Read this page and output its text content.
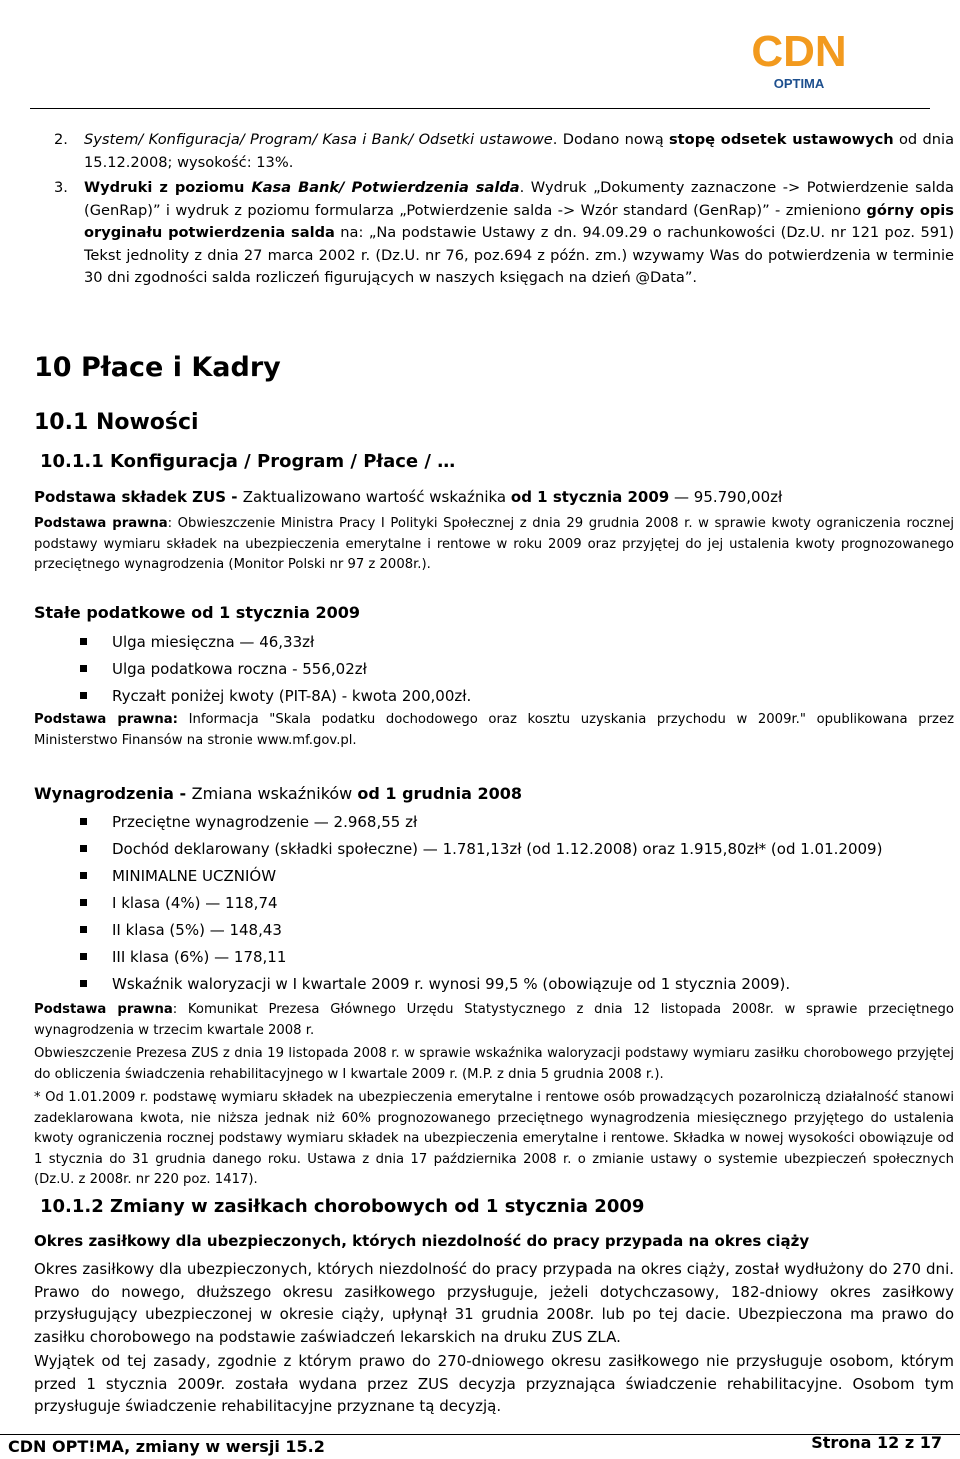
CDN
OPTIMA
2. System/ Konfiguracja/ Program/ Kasa i Bank/ Odsetki ustawowe. Dodano nową stopę odsetek ustawowych od dnia 15.12.2008; wysokość: 13%.
3. Wydruki z poziomu Kasa Bank/ Potwierdzenia salda. Wydruk „Dokumenty zaznaczone -> Potwierdzenie salda (GenRap)” i wydruk z poziomu formularza „Potwierdzenie salda -> Wzór standard (GenRap)” - zmieniono górny opis oryginału potwierdzenia salda na: „Na podstawie Ustawy z dn. 94.09.29 o rachunkowości (Dz.U. nr 121 poz. 591) Tekst jednolity z dnia 27 marca 2002 r. (Dz.U. nr 76, poz.694 z późn. zm.) wzywamy Was do potwierdzenia w terminie 30 dni zgodności salda rozliczeń figurujących w naszych księgach na dzień @Data”.
10 Płace i Kadry
10.1 Nowości
10.1.1 Konfiguracja / Program / Płace / …
Podstawa składek ZUS - Zaktualizowano wartość wskaźnika od 1 stycznia 2009 — 95.790,00zł
Podstawa prawna: Obwieszczenie Ministra Pracy I Polityki Społecznej z dnia 29 grudnia 2008 r. w sprawie kwoty ograniczenia rocznej podstawy wymiaru składek na ubezpieczenia emerytalne i rentowe w roku 2009 oraz przyjętej do jej ustalenia kwoty prognozowanego przeciętnego wynagrodzenia (Monitor Polski nr 97 z 2008r.).
Stałe podatkowe od 1 stycznia 2009
Ulga miesięczna — 46,33zł
Ulga podatkowa roczna - 556,02zł
Ryczałt poniżej kwoty (PIT-8A) - kwota 200,00zł.
Podstawa prawna: Informacja "Skala podatku dochodowego oraz kosztu uzyskania przychodu w 2009r." opublikowana przez Ministerstwo Finansów na stronie www.mf.gov.pl.
Wynagrodzenia - Zmiana wskaźników od 1 grudnia 2008
Przeciętne wynagrodzenie — 2.968,55 zł
Dochód deklarowany (składki społeczne) — 1.781,13zł (od 1.12.2008) oraz 1.915,80zł* (od 1.01.2009)
MINIMALNE UCZNIÓW
I klasa (4%) — 118,74
II klasa (5%) — 148,43
III klasa (6%) — 178,11
Wskaźnik waloryzacji w I kwartale 2009 r. wynosi 99,5 % (obowiązuje od 1 stycznia 2009).
Podstawa prawna: Komunikat Prezesa Głównego Urzędu Statystycznego z dnia 12 listopada 2008r. w sprawie przeciętnego wynagrodzenia w trzecim kwartale 2008 r.
Obwieszczenie Prezesa ZUS z dnia 19 listopada 2008 r. w sprawie wskaźnika waloryzacji podstawy wymiaru zasiłku chorobowego przyjętej do obliczenia świadczenia rehabilitacyjnego w I kwartale 2009 r. (M.P. z dnia 5 grudnia 2008 r.).
* Od 1.01.2009 r. podstawę wymiaru składek na ubezpieczenia emerytalne i rentowe osób prowadzących pozarolniczą działalność stanowi zadeklarowana kwota, nie niższa jednak niż 60% prognozowanego przeciętnego wynagrodzenia miesięcznego przyjętego do ustalenia kwoty ograniczenia rocznej podstawy wymiaru składek na ubezpieczenia emerytalne i rentowe. Składka w nowej wysokości obowiązuje od 1 stycznia do 31 grudnia danego roku. Ustawa z dnia 17 października 2008 r. o zmianie ustawy o systemie ubezpieczeń społecznych (Dz.U. z 2008r. nr 220 poz. 1417).
10.1.2 Zmiany w zasiłkach chorobowych od 1 stycznia 2009
Okres zasiłkowy dla ubezpieczonych, których niezdolność do pracy przypada na okres ciąży
Okres zasiłkowy dla ubezpieczonych, których niezdolność do pracy przypada na okres ciąży, został wydłużony do 270 dni. Prawo do nowego, dłuższego okresu zasiłkowego przysługuje, jeżeli dotychczasowy, 182-dniowy okres zasiłkowy przysługujący ubezpieczonej w okresie ciąży, upłynął 31 grudnia 2008r. lub po tej dacie. Ubezpieczona ma prawo do zasiłku chorobowego na podstawie zaświadczeń lekarskich na druku ZUS ZLA.
Wyjątek od tej zasady, zgodnie z którym prawo do 270-dniowego okresu zasiłkowego nie przysługuje osobom, którym przed 1 stycznia 2009r. została wydana przez ZUS decyzja przyznająca świadczenie rehabilitacyjne. Osobom tym przysługuje świadczenie rehabilitacyjne przyznane tą decyzją.
CDN OPT!MA, zmiany w wersji 15.2	Strona 12 z 17
